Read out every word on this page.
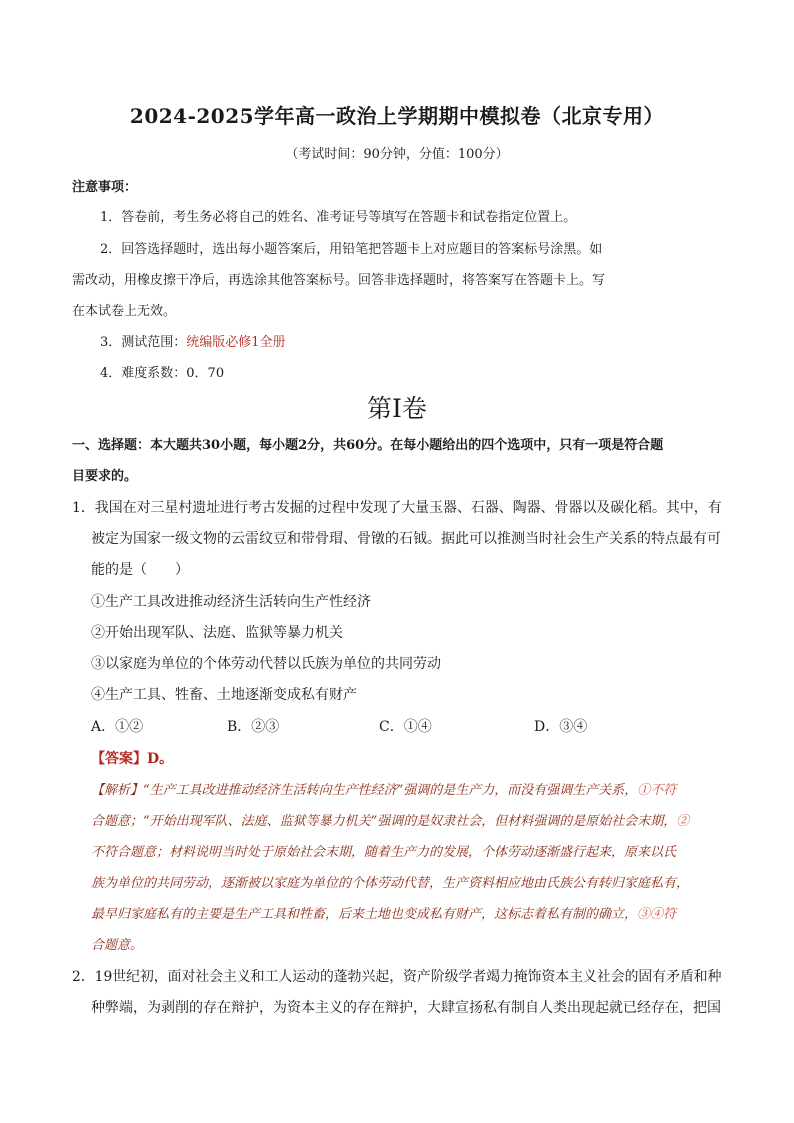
2024-2025学年高一政治上学期期中模拟卷（北京专用）
（考试时间：90分钟，分值：100分）
注意事项：
1．答卷前，考生务必将自己的姓名、准考证号等填写在答题卡和试卷指定位置上。
2．回答选择题时，选出每小题答案后，用铅笔把答题卡上对应题目的答案标号涂黑。如
需改动，用橡皮擦干净后，再选涂其他答案标号。回答非选择题时，将答案写在答题卡上。写
在本试卷上无效。
3．测试范围：统编版必修1全册
4．难度系数：0．70
第Ⅰ卷
一、选择题：本大题共30小题，每小题2分，共60分。在每小题给出的四个选项中，只有一项是符合题
目要求的。
1．我国在对三星村遗址进行考古发掘的过程中发现了大量玉器、石器、陶器、骨器以及碳化稻。其中，有
被定为国家一级文物的云雷纹豆和带骨瑁、骨镦的石钺。据此可以推测当时社会生产关系的特点最有可
能的是（　　）
①生产工具改进推动经济生活转向生产性经济
②开始出现军队、法庭、监狱等暴力机关
③以家庭为单位的个体劳动代替以氏族为单位的共同劳动
④生产工具、牲畜、土地逐渐变成私有财产
A．①②	B．②③	C．①④	D．③④
【答案】D。
【解析】“生产工具改进推动经济生活转向生产性经济”强调的是生产力，而没有强调生产关系，①不符
合题意；“开始出现军队、法庭、监狱等暴力机关”强调的是奴隶社会，但材料强调的是原始社会末期，②
不符合题意；材料说明当时处于原始社会末期，随着生产力的发展，个体劳动逐渐盛行起来，原来以氏
族为单位的共同劳动，逐渐被以家庭为单位的个体劳动代替，生产资料相应地由氏族公有转归家庭私有，
最早归家庭私有的主要是生产工具和牲畜，后来土地也变成私有财产，这标志着私有制的确立，③④符
合题意。
2．19世纪初，面对社会主义和工人运动的蓬勃兴起，资产阶级学者竭力掩饰资本主义社会的固有矛盾和种
种弊端，为剥削的存在辩护，为资本主义的存在辩护，大肆宣扬私有制自人类出现起就已经存在，把国
